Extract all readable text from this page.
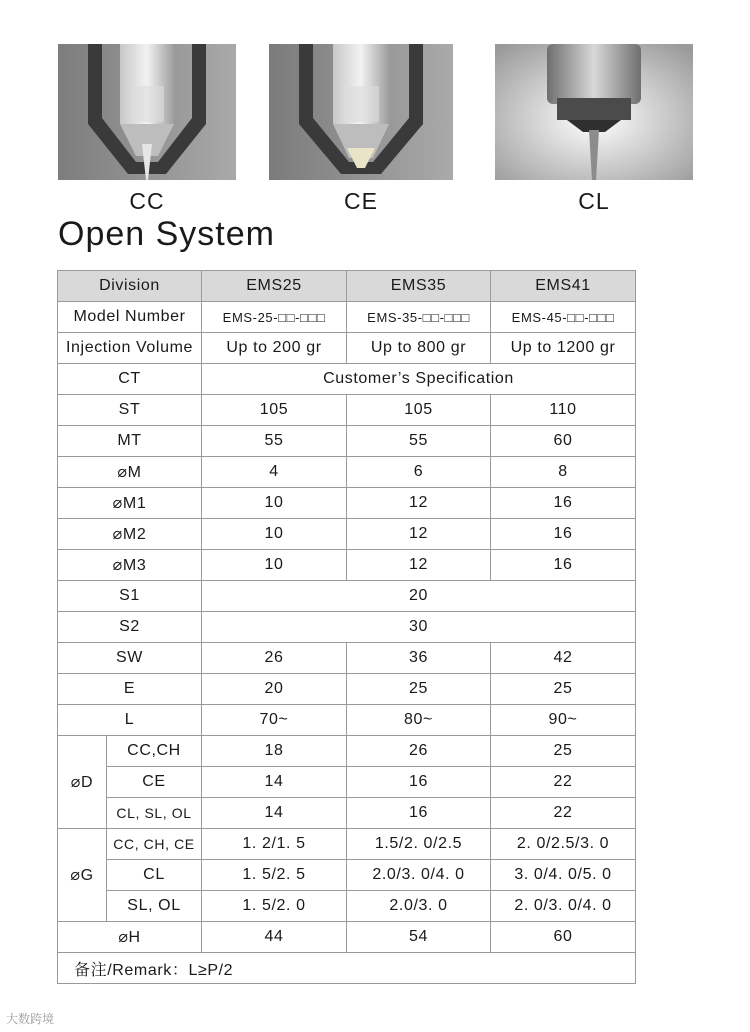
CC	CE	CL
Open System
Division		EMS25	EMS35	EMS41
Model Number		EMS-25-□□-□□□	EMS-35-□□-□□□	EMS-45-□□-□□□
Injection Volume		Up to 200 gr	Up to 800 gr	Up to 1200 gr
CT		Customer’s Specification		
ST		105	105	110
MT		55	55	60
⌀M		4	6	8
⌀M1		10	12	16
⌀M2		10	12	16
⌀M3		10	12	16
S1		20		
S2		30		
SW		26	36	42
E		20	25	25
L		70~	80~	90~
⌀D	CC,CH	18	26	25
	CE	14	16	22
	CL, SL, OL	14	16	22
⌀G	CC, CH, CE	1. 2/1. 5	1.5/2. 0/2.5	2. 0/2.5/3. 0
	CL	1. 5/2. 5	2.0/3. 0/4. 0	3. 0/4. 0/5. 0
	SL, OL	1. 5/2. 0	2.0/3. 0	2. 0/3. 0/4. 0
⌀H		44	54	60
备注/Remark：L≥P/2				
大数跨境
